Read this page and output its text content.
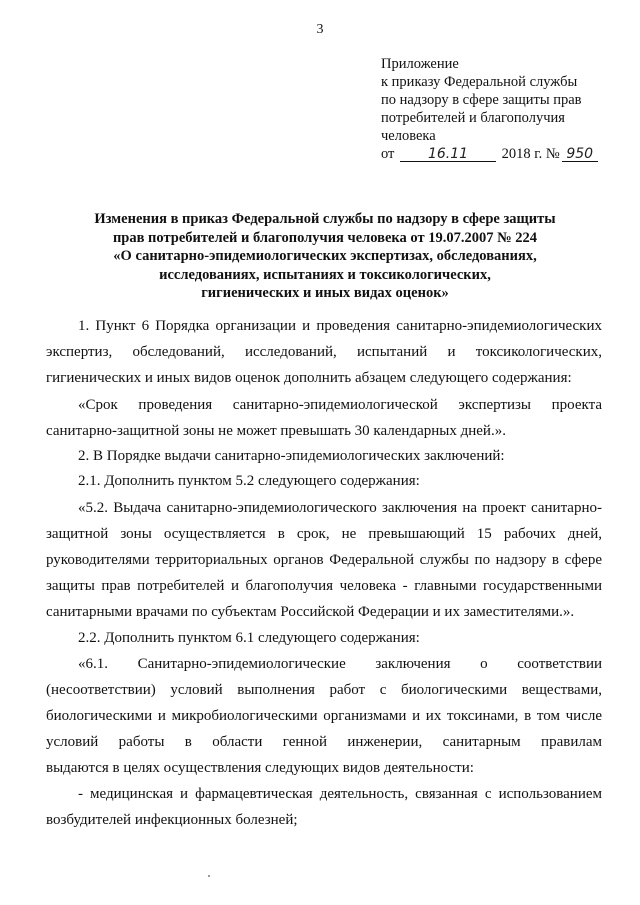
3
Приложение
к приказу Федеральной службы
по надзору в сфере защиты прав
потребителей и благополучия
человека
от 16.11 2018 г. № 950
Изменения в приказ Федеральной службы по надзору в сфере защиты
прав потребителей и благополучия человека от 19.07.2007 № 224
«О санитарно-эпидемиологических экспертизах, обследованиях,
исследованиях, испытаниях и токсикологических,
гигиенических и иных видах оценок»
1. Пункт 6 Порядка организации и проведения санитарно-эпидемиологических
экспертиз, обследований, исследований, испытаний и токсикологических,
гигиенических и иных видов оценок дополнить абзацем следующего содержания:
«Срок проведения санитарно-эпидемиологической экспертизы проекта
санитарно-защитной зоны не может превышать 30 календарных дней.».
2. В Порядке выдачи санитарно-эпидемиологических заключений:
2.1. Дополнить пунктом 5.2 следующего содержания:
«5.2. Выдача санитарно-эпидемиологического заключения на проект санитарно-
защитной зоны осуществляется в срок, не превышающий 15 рабочих дней,
руководителями территориальных органов Федеральной службы по надзору в сфере
защиты прав потребителей и благополучия человека - главными государственными
санитарными врачами по субъектам Российской Федерации и их заместителями.».
2.2. Дополнить пунктом 6.1 следующего содержания:
«6.1. Санитарно-эпидемиологические заключения о соответствии
(несоответствии) условий выполнения работ с биологическими веществами,
биологическими и микробиологическими организмами и их токсинами, в том числе
условий работы в области генной инженерии, санитарным правилам
выдаются в целях осуществления следующих видов деятельности:
- медицинская и фармацевтическая деятельность, связанная с использованием
возбудителей инфекционных болезней;
